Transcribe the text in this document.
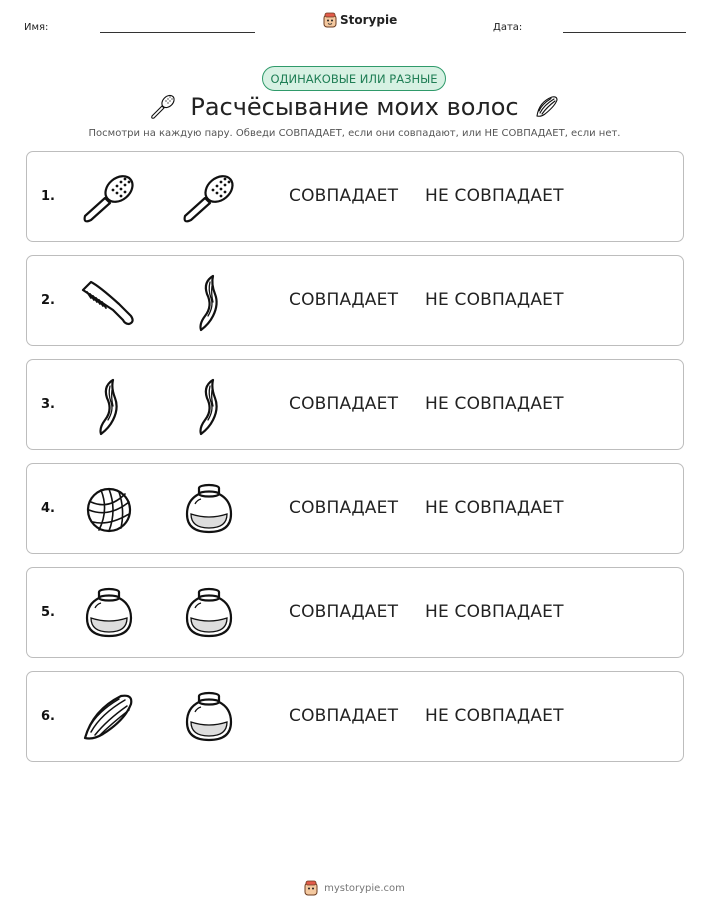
Имя:
Storypie
Дата:
ОДИНАКОВЫЕ ИЛИ РАЗНЫЕ
Расчёсывание моих волос
Посмотри на каждую пару. Обведи СОВПАДАЕТ, если они совпадают, или НЕ СОВПАДАЕТ, если нет.
1.	СОВПАДАЕТ НЕ СОВПАДАЕТ
2.	СОВПАДАЕТ НЕ СОВПАДАЕТ
3.	СОВПАДАЕТ НЕ СОВПАДАЕТ
4.	СОВПАДАЕТ НЕ СОВПАДАЕТ
5.	СОВПАДАЕТ НЕ СОВПАДАЕТ
6.	СОВПАДАЕТ НЕ СОВПАДАЕТ
mystorypie.com
